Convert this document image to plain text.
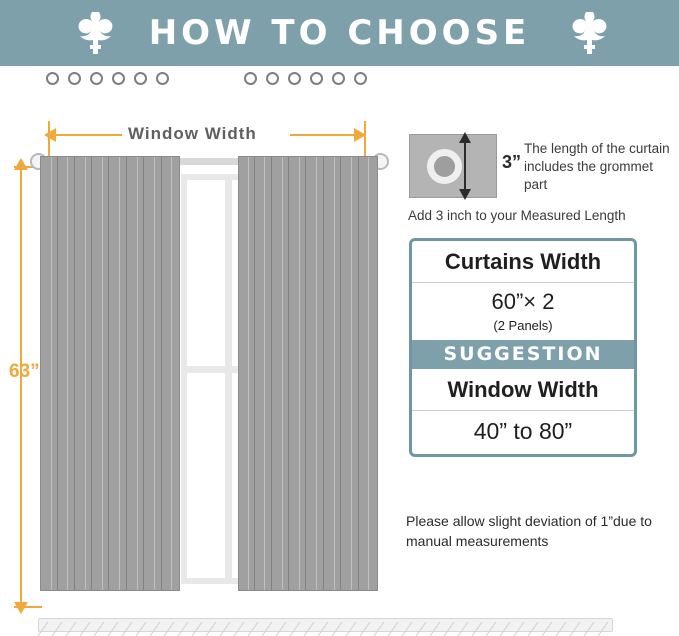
HOW TO CHOOSE
Window Width
63”
3”
The length of the curtain includes the grommet part
Add 3 inch to your Measured Length
Curtains Width
60”× 2
(2 Panels)
SUGGESTION
Window Width
40” to 80”
Please allow slight deviation of 1”due to manual measurements
